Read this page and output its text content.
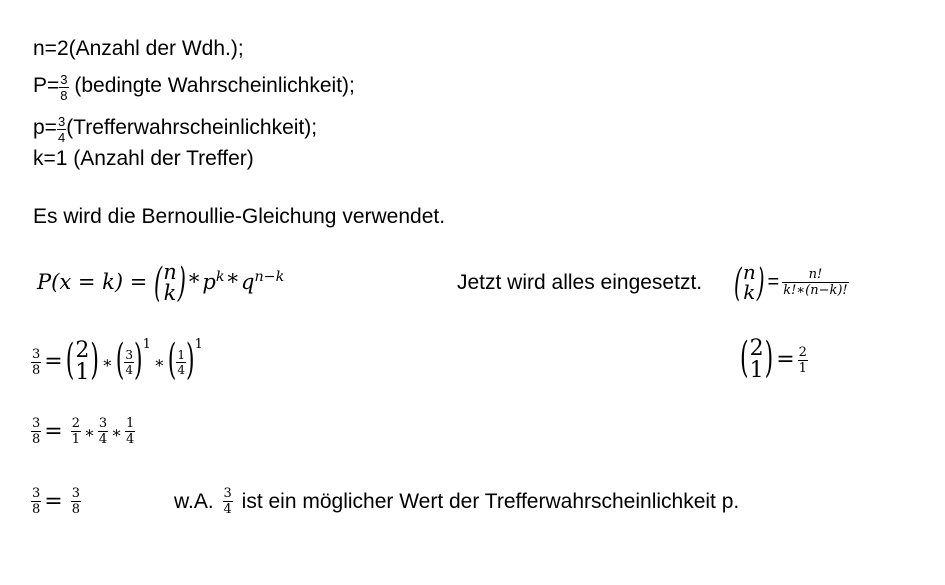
n=2(Anzahl der Wdh.);
$P= \frac{3}{8}$ (bedingte Wahrscheinlichkeit);
$p= \frac{3}{4}$ (Trefferwahrscheinlichkeit);
k=1 (Anzahl der Treffer)
Es wird die Bernoullie-Gleichung verwendet.
P(x = k) = ( n
k ) * $p^k * q^{n-k}$	Jetzt wird alles eingesetzt. ( n
k ) = $\frac{n!}{k!∗(n-k)!}$
$\frac{3}{8}$ = ( 2
1 ) ∗ ( $\frac{3}{4}$ ) $^1$∗ ( $\frac{1}{4}$ ) $^1$	( 2
1 ) = $\frac{2}{1}$
$\frac{3}{8} = \frac{2}{1}$ ∗ $\frac{3}{4}$ ∗ $\frac{1}{4}$
$\frac{3}{8} = \frac{3}{8}$	w.A. $\frac{3}{4}$ ist ein möglicher Wert der Trefferwahrscheinlichkeit p.
